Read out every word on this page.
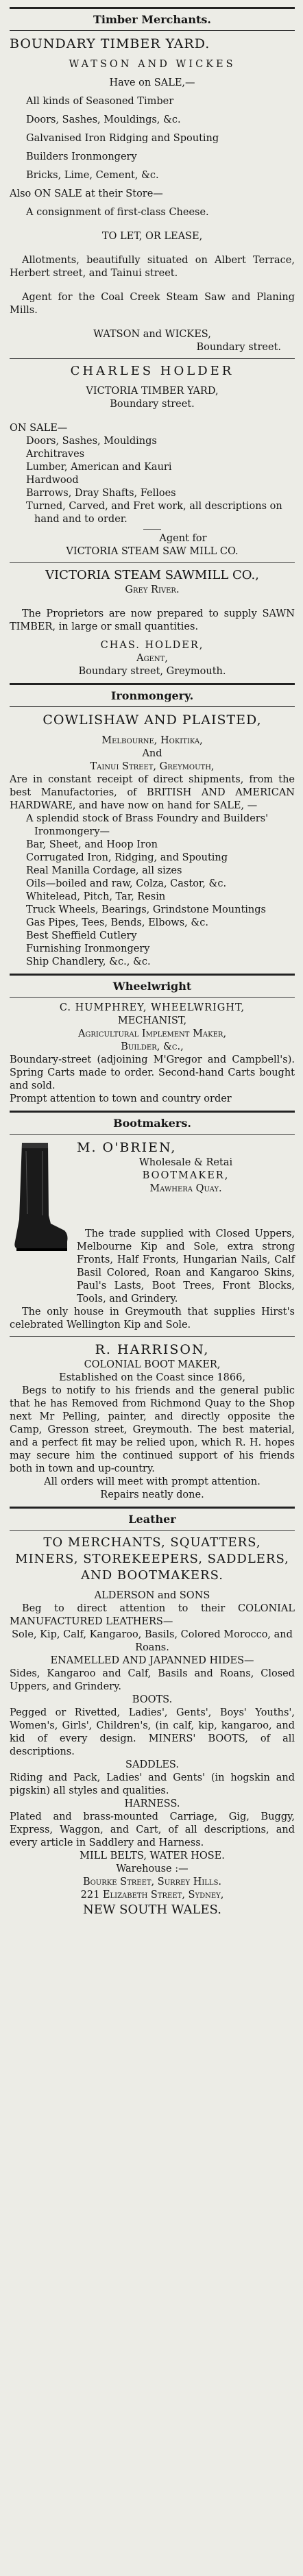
Timber Merchants.

BOUNDARY TIMBER YARD.

WATSON AND WICKES

Have on SALE,—

All kinds of Seasoned Timber

Doors, Sashes, Mouldings, &c.

Galvanised Iron Ridging and Spouting

Builders Ironmongery

Bricks, Lime, Cement, &c.

Also ON SALE at their Store—

A consignment of first-class Cheese.

TO LET, OR LEASE,

Allotments, beautifully situated on Albert Terrace, Herbert street, and Tainui street.

Agent for the Coal Creek Steam Saw and Planing Mills.

WATSON and WICKES,

Boundary street.

CHARLES HOLDER

VICTORIA TIMBER YARD,

Boundary street.

ON SALE—

Doors, Sashes, Mouldings

Architraves

Lumber, American and Kauri

Hardwood

Barrows, Dray Shafts, Felloes

Turned, Carved, and Fret work, all descriptions on hand and to order.

Agent for

VICTORIA STEAM SAW MILL CO.

VICTORIA STEAM SAWMILL CO.,

Grey River.

The Proprietors are now prepared to supply SAWN TIMBER, in large or small quantities.

CHAS. HOLDER,

Agent,

Boundary street, Greymouth.

Ironmongery.

COWLISHAW AND PLAISTED,

Melbourne, Hokitika,

And

Tainui Street, Greymouth,

Are in constant receipt of direct shipments, from the best Manufactories, of BRITISH AND AMERICAN HARDWARE, and have now on hand for SALE, —

A splendid stock of Brass Foundry and Builders' Ironmongery—

Bar, Sheet, and Hoop Iron

Corrugated Iron, Ridging, and Spouting

Real Manilla Cordage, all sizes

Oils—boiled and raw, Colza, Castor, &c.

Whitelead, Pitch, Tar, Resin

Truck Wheels, Bearings, Grindstone Mountings

Gas Pipes, Tees, Bends, Elbows, &c.

Best Sheffield Cutlery

Furnishing Ironmongery

Ship Chandlery, &c., &c.

Wheelwright

C. HUMPHREY, WHEELWRIGHT,

MECHANIST,

Agricultural Implement Maker,

Builder, &c.,

Boundary-street (adjoining M'Gregor and Campbell's). Spring Carts made to order. Second-hand Carts bought and sold.

Prompt attention to town and country order

Bootmakers.

M. O'BRIEN,

Wholesale & Retai

BOOTMAKER,

Mawhera Quay.

The trade supplied with Closed Uppers, Melbourne Kip and Sole, extra strong Fronts, Half Fronts, Hungarian Nails, Calf Basil Colored, Roan and Kangaroo Skins, Paul's Lasts, Boot Trees, Front Blocks, Tools, and Grindery.

The only house in Greymouth that supplies Hirst's celebrated Wellington Kip and Sole.

R. HARRISON,

COLONIAL BOOT MAKER,

Established on the Coast since 1866,

Begs to notify to his friends and the general public that he has Removed from Richmond Quay to the Shop next Mr Pelling, painter, and directly opposite the Camp, Gresson street, Greymouth. The best material, and a perfect fit may be relied upon, which R. H. hopes may secure him the continued support of his friends both in town and up-country.

All orders will meet with prompt attention.

Repairs neatly done.

Leather

TO MERCHANTS, SQUATTERS, MINERS, STOREKEEPERS, SADDLERS, AND BOOTMAKERS.

ALDERSON and SONS

Beg to direct attention to their COLONIAL MANUFACTURED LEATHERS—

Sole, Kip, Calf, Kangaroo, Basils, Colored Morocco, and Roans.

ENAMELLED AND JAPANNED HIDES—

Sides, Kangaroo and Calf, Basils and Roans, Closed Uppers, and Grindery.

BOOTS.

Pegged or Rivetted, Ladies', Gents', Boys' Youths', Women's, Girls', Children's, (in calf, kip, kangaroo, and kid of every design. MINERS' BOOTS, of all descriptions.

SADDLES.

Riding and Pack, Ladies' and Gents' (in hogskin and pigskin) all styles and qualities.

HARNESS.

Plated and brass-mounted Carriage, Gig, Buggy, Express, Waggon, and Cart, of all descriptions, and every article in Saddlery and Harness.

MILL BELTS, WATER HOSE.

Warehouse :—

Bourke Street, Surrey Hills.

221 Elizabeth Street, Sydney,

NEW SOUTH WALES.
